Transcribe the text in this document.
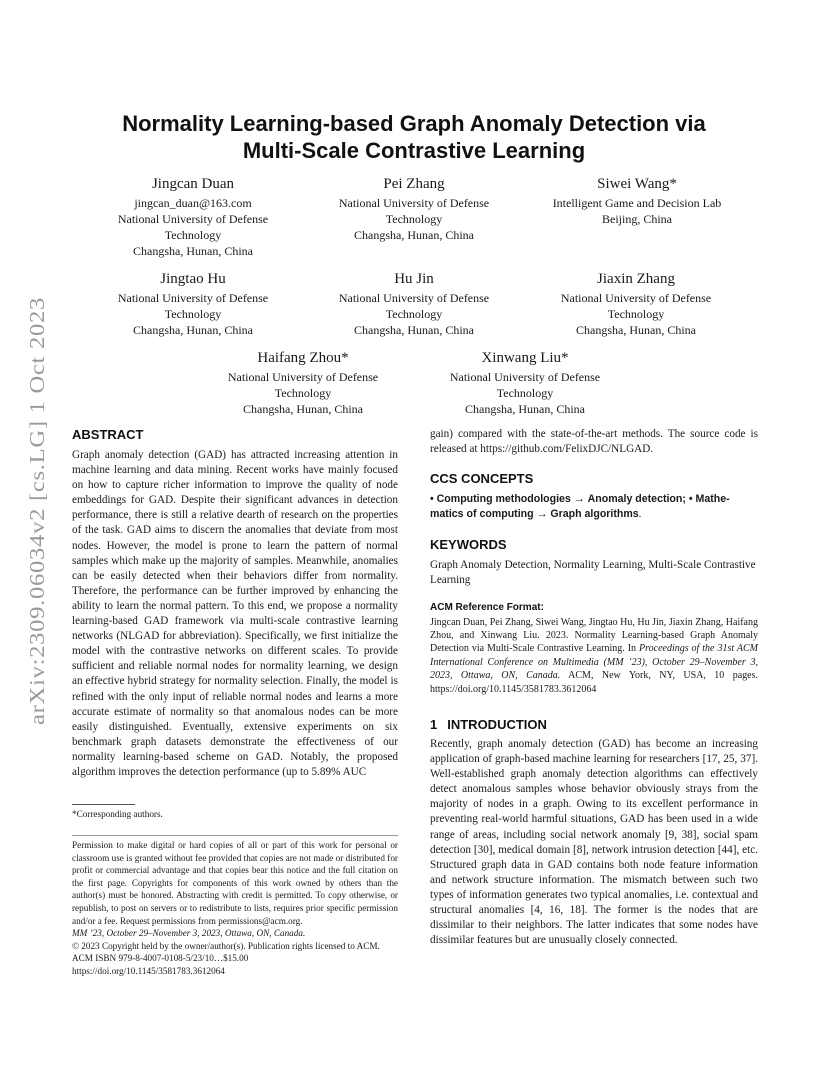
arXiv:2309.06034v2 [cs.LG] 1 Oct 2023
Normality Learning-based Graph Anomaly Detection via
Multi-Scale Contrastive Learning
Jingcan Duan
jingcan_duan@163.com
National University of Defense
Technology
Changsha, Hunan, China
Pei Zhang
National University of Defense
Technology
Changsha, Hunan, China
Siwei Wang*
Intelligent Game and Decision Lab
Beijing, China
Jingtao Hu
National University of Defense
Technology
Changsha, Hunan, China
Hu Jin
National University of Defense
Technology
Changsha, Hunan, China
Jiaxin Zhang
National University of Defense
Technology
Changsha, Hunan, China
Haifang Zhou*
National University of Defense
Technology
Changsha, Hunan, China
Xinwang Liu*
National University of Defense
Technology
Changsha, Hunan, China
ABSTRACT

Graph anomaly detection (GAD) has attracted increasing attention in machine learning and data mining. Recent works have mainly focused on how to capture richer information to improve the quality of node embeddings for GAD. Despite their significant advances in detection performance, there is still a relative dearth of research on the properties of the task. GAD aims to discern the anomalies that deviate from most nodes. However, the model is prone to learn the pattern of normal samples which make up the majority of samples. Meanwhile, anomalies can be easily detected when their behaviors differ from normality. Therefore, the performance can be further improved by enhancing the ability to learn the normal pattern. To this end, we propose a normality learning-based GAD framework via multi-scale contrastive learning networks (NLGAD for abbreviation). Specifically, we first initialize the model with the contrastive networks on different scales. To provide sufficient and reliable normal nodes for normality learning, we design an effective hybrid strategy for normality selection. Finally, the model is refined with the only input of reliable normal nodes and learns a more accurate estimate of normality so that anomalous nodes can be more easily distinguished. Eventually, extensive experiments on six benchmark graph datasets demonstrate the effectiveness of our normality learning-based scheme on GAD. Notably, the proposed algorithm improves the detection performance (up to 5.89% AUC

*Corresponding authors.

Permission to make digital or hard copies of all or part of this work for personal or classroom use is granted without fee provided that copies are not made or distributed for profit or commercial advantage and that copies bear this notice and the full citation on the first page. Copyrights for components of this work owned by others than the author(s) must be honored. Abstracting with credit is permitted. To copy otherwise, or republish, to post on servers or to redistribute to lists, requires prior specific permission and/or a fee. Request permissions from permissions@acm.org.

MM ’23, October 29–November 3, 2023, Ottawa, ON, Canada.

© 2023 Copyright held by the owner/author(s). Publication rights licensed to ACM.

ACM ISBN 979-8-4007-0108-5/23/10…$15.00

https://doi.org/10.1145/3581783.3612064

gain) compared with the state-of-the-art methods. The source code is released at https://github.com/FelixDJC/NLGAD.

CCS CONCEPTS

• Computing methodologies → Anomaly detection; • Mathe-
matics of computing → Graph algorithms.

KEYWORDS

Graph Anomaly Detection, Normality Learning, Multi-Scale Contrastive Learning

ACM Reference Format:

Jingcan Duan, Pei Zhang, Siwei Wang, Jingtao Hu, Hu Jin, Jiaxin Zhang, Haifang Zhou, and Xinwang Liu. 2023. Normality Learning-based Graph Anomaly Detection via Multi-Scale Contrastive Learning. In Proceedings of the 31st ACM International Conference on Multimedia (MM ’23), October 29–November 3, 2023, Ottawa, ON, Canada. ACM, New York, NY, USA, 10 pages. https://doi.org/10.1145/3581783.3612064

1 INTRODUCTION

Recently, graph anomaly detection (GAD) has become an increasing application of graph-based machine learning for researchers [17, 25, 37]. Well-established graph anomaly detection algorithms can effectively detect anomalous samples whose behavior obviously strays from the majority of nodes in a graph. Owing to its excellent performance in preventing real-world harmful situations, GAD has been used in a wide range of areas, including social network anomaly [9, 38], social spam detection [30], medical domain [8], network intrusion detection [44], etc. Structured graph data in GAD contains both node feature information and network structure information. The mismatch between such two types of information generates two typical anomalies, i.e. contextual and structural anomalies [4, 16, 18]. The former is the nodes that are dissimilar to their neighbors. The latter indicates that some nodes have dissimilar features but are unusually closely connected.
